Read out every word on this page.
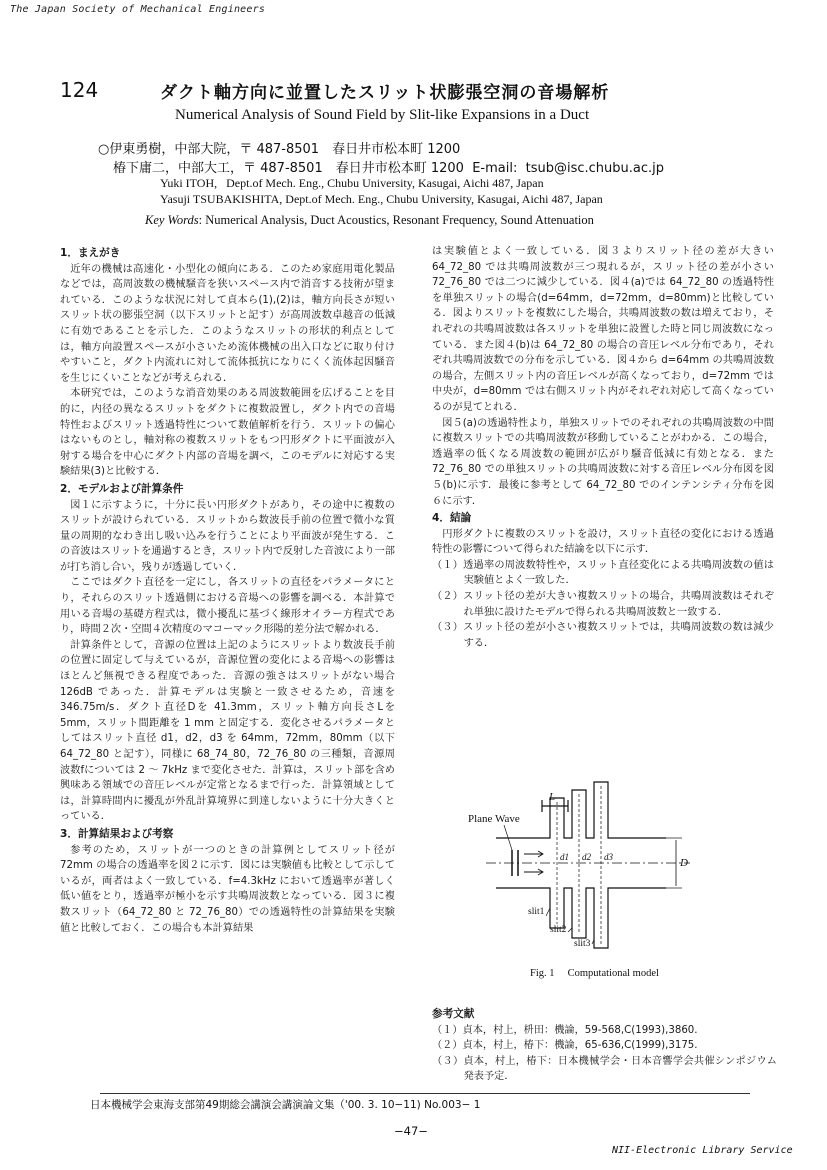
The Japan Society of Mechanical Engineers
124	ダクト軸方向に並置したスリット状膨張空洞の音場解析
Numerical Analysis of Sound Field by Slit-like Expansions in a Duct
○伊東勇樹，中部大院，〒 487-8501　春日井市松本町 1200
椿下庸二，中部大工，〒 487-8501　春日井市松本町 1200  E-mail:  tsub@isc.chubu.ac.jp
Yuki ITOH,   Dept.of Mech. Eng., Chubu University, Kasugai, Aichi 487, Japan
Yasuji TSUBAKISHITA, Dept.of Mech. Eng., Chubu University, Kasugai, Aichi 487, Japan
Key Words: Numerical Analysis, Duct Acoustics, Resonant Frequency, Sound Attenuation
1．まえがき

近年の機械は高速化・小型化の傾向にある．このため家庭用電化製品などでは，高周波数の機械騒音を狭いスペース内で消音する技術が望まれている．このような状況に対して貞本ら(1),(2)は，軸方向長さが短いスリット状の膨張空洞（以下スリットと記す）が高周波数卓越音の低減に有効であることを示した．このようなスリットの形状的利点としては，軸方向設置スペースが小さいため流体機械の出入口などに取り付けやすいこと，ダクト内流れに対して流体抵抗になりにくく流体起因騒音を生じにくいことなどが考えられる．

本研究では，このような消音効果のある周波数範囲を広げることを目的に，内径の異なるスリットをダクトに複数設置し，ダクト内での音場特性およびスリット透過特性について数値解析を行う．スリットの偏心はないものとし，軸対称の複数スリットをもつ円形ダクトに平面波が入射する場合を中心にダクト内部の音場を調べ，このモデルに対応する実験結果(3)と比較する．

2．モデルおよび計算条件

図１に示すように，十分に長い円形ダクトがあり，その途中に複数のスリットが設けられている．スリットから数波長手前の位置で微小な質量の周期的なわき出し吸い込みを行うことにより平面波が発生する．この音波はスリットを通過するとき，スリット内で反射した音波により一部が打ち消し合い，残りが透過していく．

ここではダクト直径を一定にし，各スリットの直径をパラメータにとり，それらのスリット透過側における音場への影響を調べる．本計算で用いる音場の基礎方程式は，微小擾乱に基づく線形オイラー方程式であり，時間２次・空間４次精度のマコーマック形陽的差分法で解かれる．

計算条件として，音源の位置は上記のようにスリットより数波長手前の位置に固定して与えているが，音源位置の変化による音場への影響はほとんど無視できる程度であった．音源の強さはスリットがない場合 126dB であった．計算モデルは実験と一致させるため，音速を 346.75m/s．ダクト直径Dを 41.3mm，スリット軸方向長さLを 5mm，スリット間距離を 1 mm と固定する．変化させるパラメータとしてはスリット直径 d1，d2，d3 を 64mm，72mm，80mm（以下 64_72_80 と記す），同様に 68_74_80，72_76_80 の三種類，音源周波数fについては 2 〜 7kHz まで変化させた．計算は，スリット部を含め興味ある領域での音圧レベルが定常となるまで行った．計算領域としては，計算時間内に擾乱が外乱計算境界に到達しないように十分大きくとっている．

3．計算結果および考察

参考のため，スリットが一つのときの計算例としてスリット径が 72mm の場合の透過率を図２に示す．図には実験値も比較として示しているが，両者はよく一致している．f=4.3kHz において透過率が著しく低い値をとり，透過率が極小を示す共鳴周波数となっている．図３に複数スリット（64_72_80 と 72_76_80）での透過特性の計算結果を実験値と比較しておく．この場合も本計算結果

は実験値とよく一致している．図３よりスリット径の差が大きい 64_72_80 では共鳴周波数が三つ現れるが，スリット径の差が小さい 72_76_80 では二つに減少している．図４(a)では 64_72_80 の透過特性を単独スリットの場合(d=64mm，d=72mm，d=80mm)と比較している．図よりスリットを複数にした場合，共鳴周波数の数は増えており，それぞれの共鳴周波数は各スリットを単独に設置した時と同じ周波数になっている．また図４(b)は 64_72_80 の場合の音圧レベル分布であり，それぞれ共鳴周波数での分布を示している．図４から d=64mm の共鳴周波数の場合，左側スリット内の音圧レベルが高くなっており，d=72mm では中央が，d=80mm では右側スリット内がそれぞれ対応して高くなっているのが見てとれる．

図５(a)の透過特性より，単独スリットでのそれぞれの共鳴周波数の中間に複数スリットでの共鳴周波数が移動していることがわかる．この場合，透過率の低くなる周波数の範囲が広がり騒音低減に有効となる．また 72_76_80 での単独スリットの共鳴周波数に対する音圧レベル分布図を図５(b)に示す．最後に参考として 64_72_80 でのインテンシティ分布を図６に示す．

4．結論

円形ダクトに複数のスリットを設け，スリット直径の変化における透過特性の影響について得られた結論を以下に示す．

（１）透過率の周波数特性や，スリット直径変化による共鳴周波数の値は実験値とよく一致した．

（２）スリット径の差が大きい複数スリットの場合，共鳴周波数はそれぞれ単独に設けたモデルで得られる共鳴周波数と一致する．

（３）スリット径の差が小さい複数スリットでは，共鳴周波数の数は減少する．

L
Plane Wave
d1 d2 d3	D
slit1
slit2
slit3
Fig. 1     Computational model
参考文献

（１）貞本，村上，枡田：機論，59-568,C(1993),3860.

（２）貞本，村上，椿下：機論，65-636,C(1999),3175.

（３）貞本，村上，椿下：日本機械学会・日本音響学会共催シンポジウム発表予定．

日本機械学会東海支部第49期総会講演会講演論文集（'00. 3. 10−11) No.003− 1
−47−
NII-Electronic Library Service
